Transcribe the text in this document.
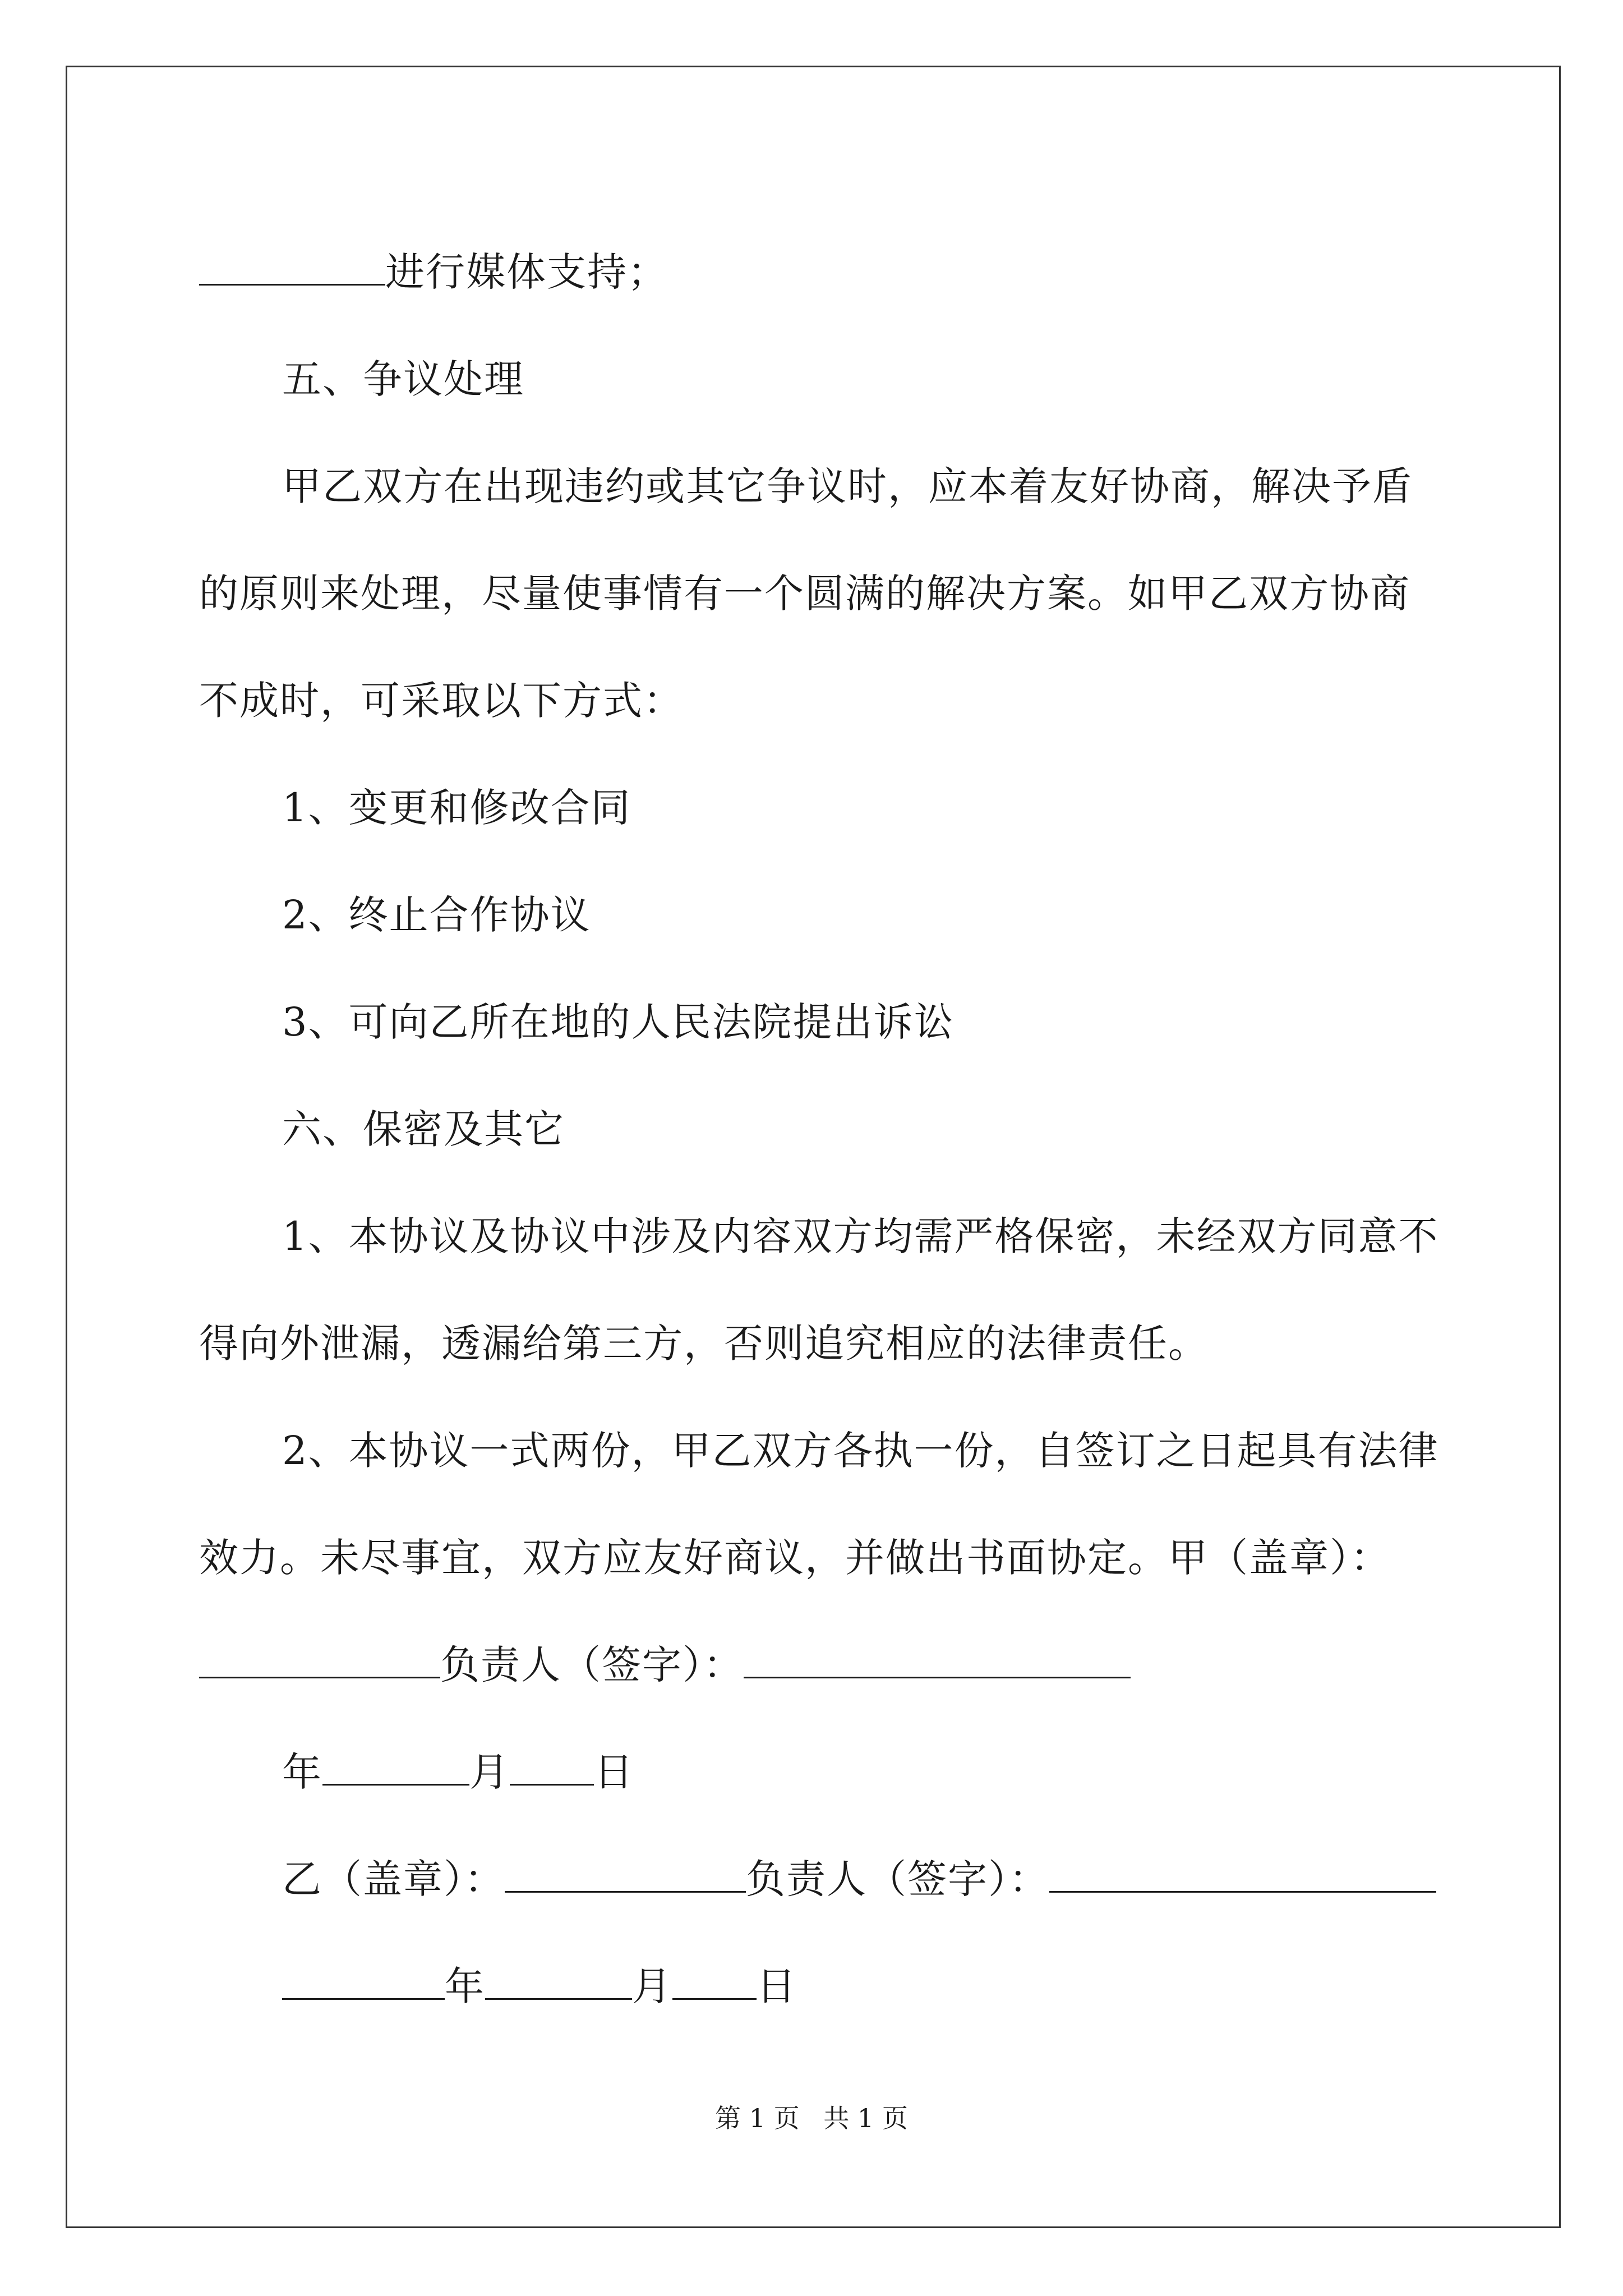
进行媒体支持；

五、争议处理

甲乙双方在出现违约或其它争议时，应本着友好协商，解决予盾

的原则来处理，尽量使事情有一个圆满的解决方案。如甲乙双方协商

不成时，可采取以下方式：

1、变更和修改合同

2、终止合作协议

3、可向乙所在地的人民法院提出诉讼

六、保密及其它

1、本协议及协议中涉及内容双方均需严格保密，未经双方同意不

得向外泄漏，透漏给第三方，否则追究相应的法律责任。

2、本协议一式两份，甲乙双方各执一份，自签订之日起具有法律

效力。未尽事宜，双方应友好商议，并做出书面协定。甲（盖章）：

负责人（签字）：

年	月 日

乙（盖章）：	负责人（签字）：

年	月 日

第 1 页 共 1 页
